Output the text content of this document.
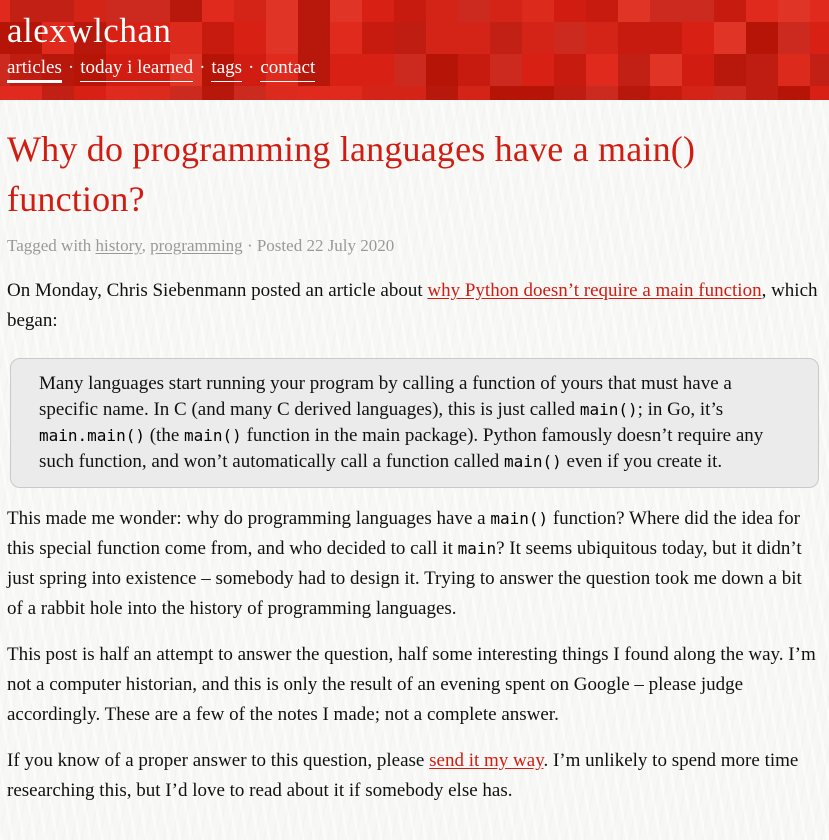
alexwlchan
articles · today i learned · tags · contact
Why do programming languages have a main() function?
Tagged with history, programming · Posted 22 July 2020

On Monday, Chris Siebenmann posted an article about why Python doesn’t require a main function, which began:

Many languages start running your program by calling a function of yours that must have a specific name. In C (and many C derived languages), this is just called main(); in Go, it’s main.main() (the main() function in the main package). Python famously doesn’t require any such function, and won’t automatically call a function called main() even if you create it.

This made me wonder: why do programming languages have a main() function? Where did the idea for this special function come from, and who decided to call it main? It seems ubiquitous today, but it didn’t just spring into existence – somebody had to design it. Trying to answer the question took me down a bit of a rabbit hole into the history of programming languages.

This post is half an attempt to answer the question, half some interesting things I found along the way. I’m not a computer historian, and this is only the result of an evening spent on Google – please judge accordingly. These are a few of the notes I made; not a complete answer.

If you know of a proper answer to this question, please send it my way. I’m unlikely to spend more time researching this, but I’d love to read about it if somebody else has.
